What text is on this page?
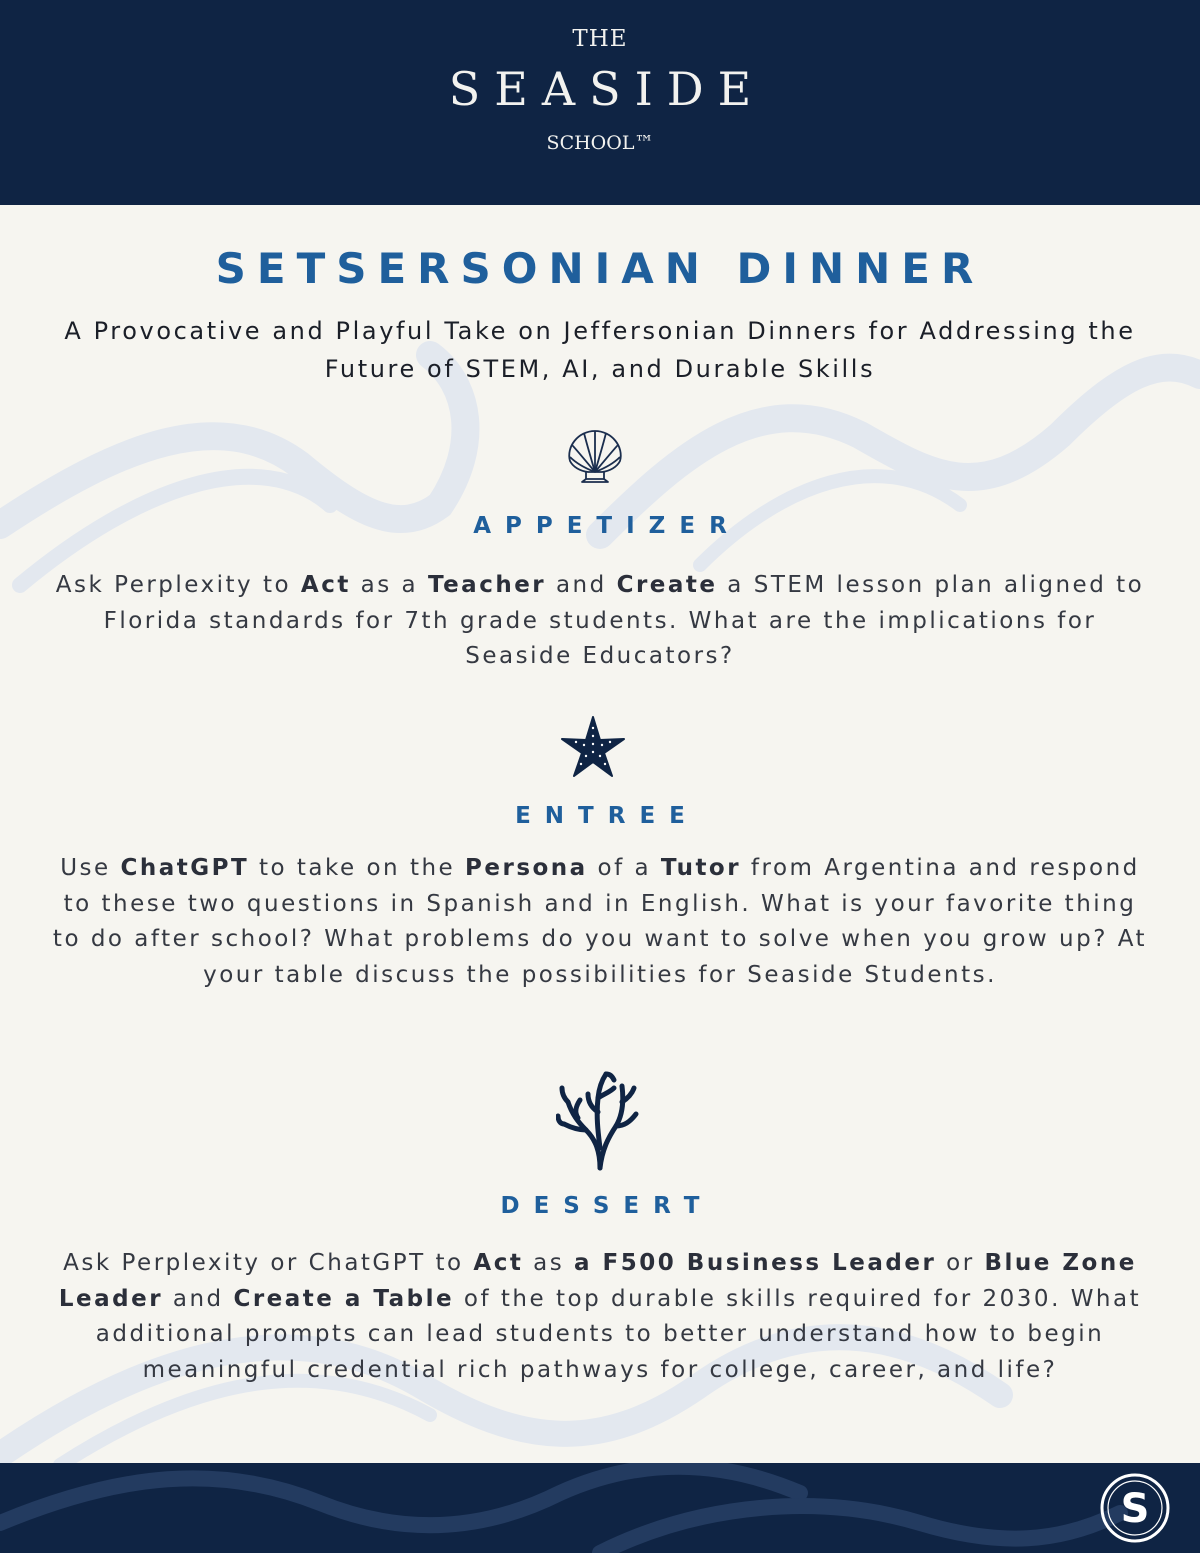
THE
SEASIDE
SCHOOL™
SETSERSONIAN DINNER
A Provocative and Playful Take on Jeffersonian Dinners for Addressing the Future of STEM, AI, and Durable Skills
APPETIZER
Ask Perplexity to Act as a Teacher and Create a STEM lesson plan aligned to Florida standards for 7th grade students. What are the implications for Seaside Educators?
ENTREE
Use ChatGPT to take on the Persona of a Tutor from Argentina and respond to these two questions in Spanish and in English. What is your favorite thing to do after school? What problems do you want to solve when you grow up? At your table discuss the possibilities for Seaside Students.
DESSERT
Ask Perplexity or ChatGPT to Act as a F500 Business Leader or Blue Zone Leader and Create a Table of the top durable skills required for 2030. What additional prompts can lead students to better understand how to begin meaningful credential rich pathways for college, career, and life?
S
